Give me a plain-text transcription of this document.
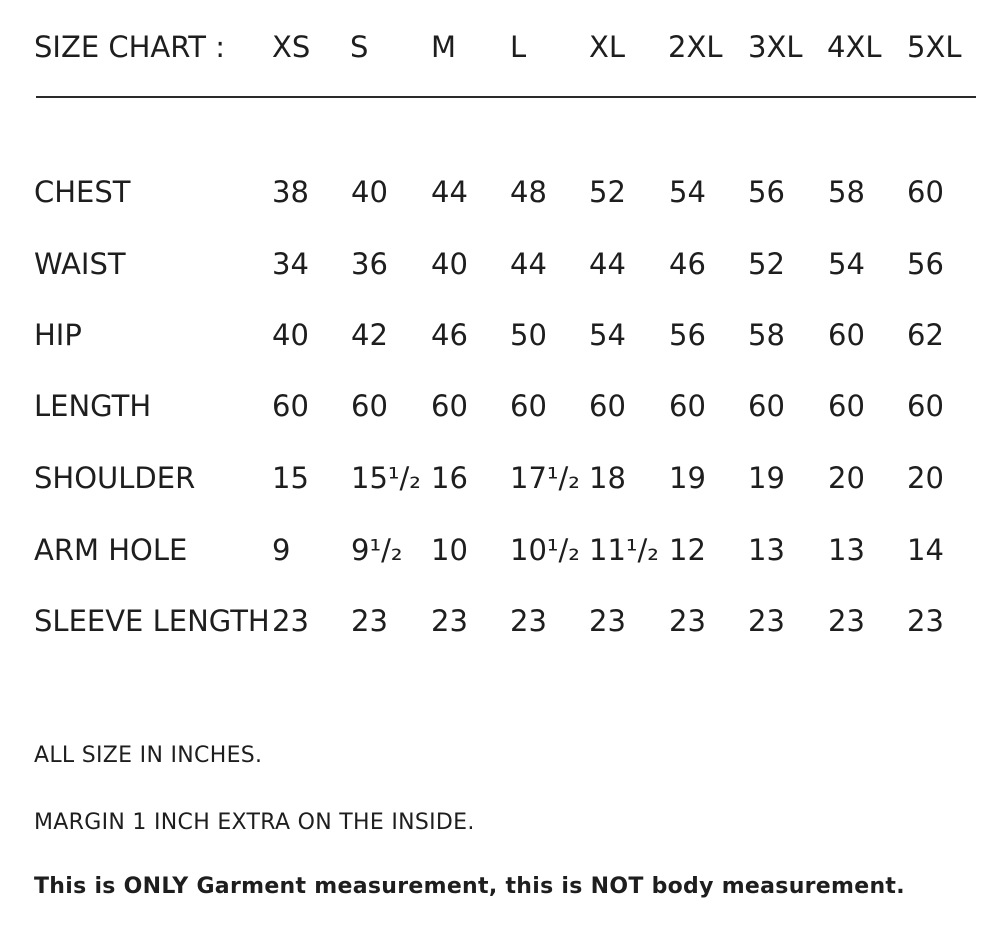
SIZE CHART : XS S M L XL 2XL 3XL 4XL 5XL
CHEST	38 40 44 48 52 54 56 58 60
WAIST	34 36 40 44 44 46 52 54 56
HIP	40 42 46 50 54 56 58 60 62
LENGTH	60 60 60 60 60 60 60 60 60
SHOULDER	15 15¹/₂ 16 17¹/₂ 18 19 19 20 20
ARM HOLE	9 9¹/₂ 10 10¹/₂ 11¹/₂ 12 13 13 14
SLEEVE LENGTH 23 23 23 23 23 23 23 23 23
ALL SIZE IN INCHES.
MARGIN 1 INCH EXTRA ON THE INSIDE.
This is ONLY Garment measurement, this is NOT body measurement.
